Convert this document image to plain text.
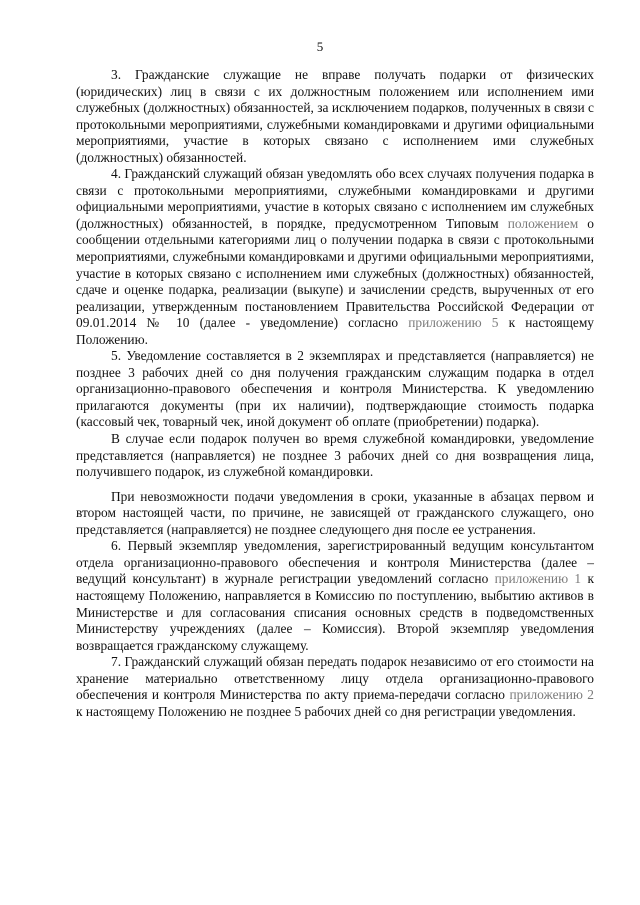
5

3. Гражданские служащие не вправе получать подарки от физических (юридических) лиц в связи с их должностным положением или исполнением ими служебных (должностных) обязанностей, за исключением подарков, полученных в связи с протокольными мероприятиями, служебными командировками и другими официальными мероприятиями, участие в которых связано с исполнением ими служебных (должностных) обязанностей.

4. Гражданский служащий обязан уведомлять обо всех случаях получения подарка в связи с протокольными мероприятиями, служебными командировками и другими официальными мероприятиями, участие в которых связано с исполнением им служебных (должностных) обязанностей, в порядке, предусмотренном Типовым положением о сообщении отдельными категориями лиц о получении подарка в связи с протокольными мероприятиями, служебными командировками и другими официальными мероприятиями, участие в которых связано с исполнением ими служебных (должностных) обязанностей, сдаче и оценке подарка, реализации (выкупе) и зачислении средств, вырученных от его реализации, утвержденным постановлением Правительства Российской Федерации от 09.01.2014 № 10 (далее - уведомление) согласно приложению 5 к настоящему Положению.

5. Уведомление составляется в 2 экземплярах и представляется (направляется) не позднее 3 рабочих дней со дня получения гражданским служащим подарка в отдел организационно-правового обеспечения и контроля Министерства. К уведомлению прилагаются документы (при их наличии), подтверждающие стоимость подарка (кассовый чек, товарный чек, иной документ об оплате (приобретении) подарка).

В случае если подарок получен во время служебной командировки, уведомление представляется (направляется) не позднее 3 рабочих дней со дня возвращения лица, получившего подарок, из служебной командировки.

При невозможности подачи уведомления в сроки, указанные в абзацах первом и втором настоящей части, по причине, не зависящей от гражданского служащего, оно представляется (направляется) не позднее следующего дня после ее устранения.

6. Первый экземпляр уведомления, зарегистрированный ведущим консультантом отдела организационно-правового обеспечения и контроля Министерства (далее – ведущий консультант) в журнале регистрации уведомлений согласно приложению 1 к настоящему Положению, направляется в Комиссию по поступлению, выбытию активов в Министерстве и для согласования списания основных средств в подведомственных Министерству учреждениях (далее – Комиссия). Второй экземпляр уведомления возвращается гражданскому служащему.

7. Гражданский служащий обязан передать подарок независимо от его стоимости на хранение материально ответственному лицу отдела организационно-правового обеспечения и контроля Министерства по акту приема-передачи согласно приложению 2 к настоящему Положению не позднее 5 рабочих дней со дня регистрации уведомления.
